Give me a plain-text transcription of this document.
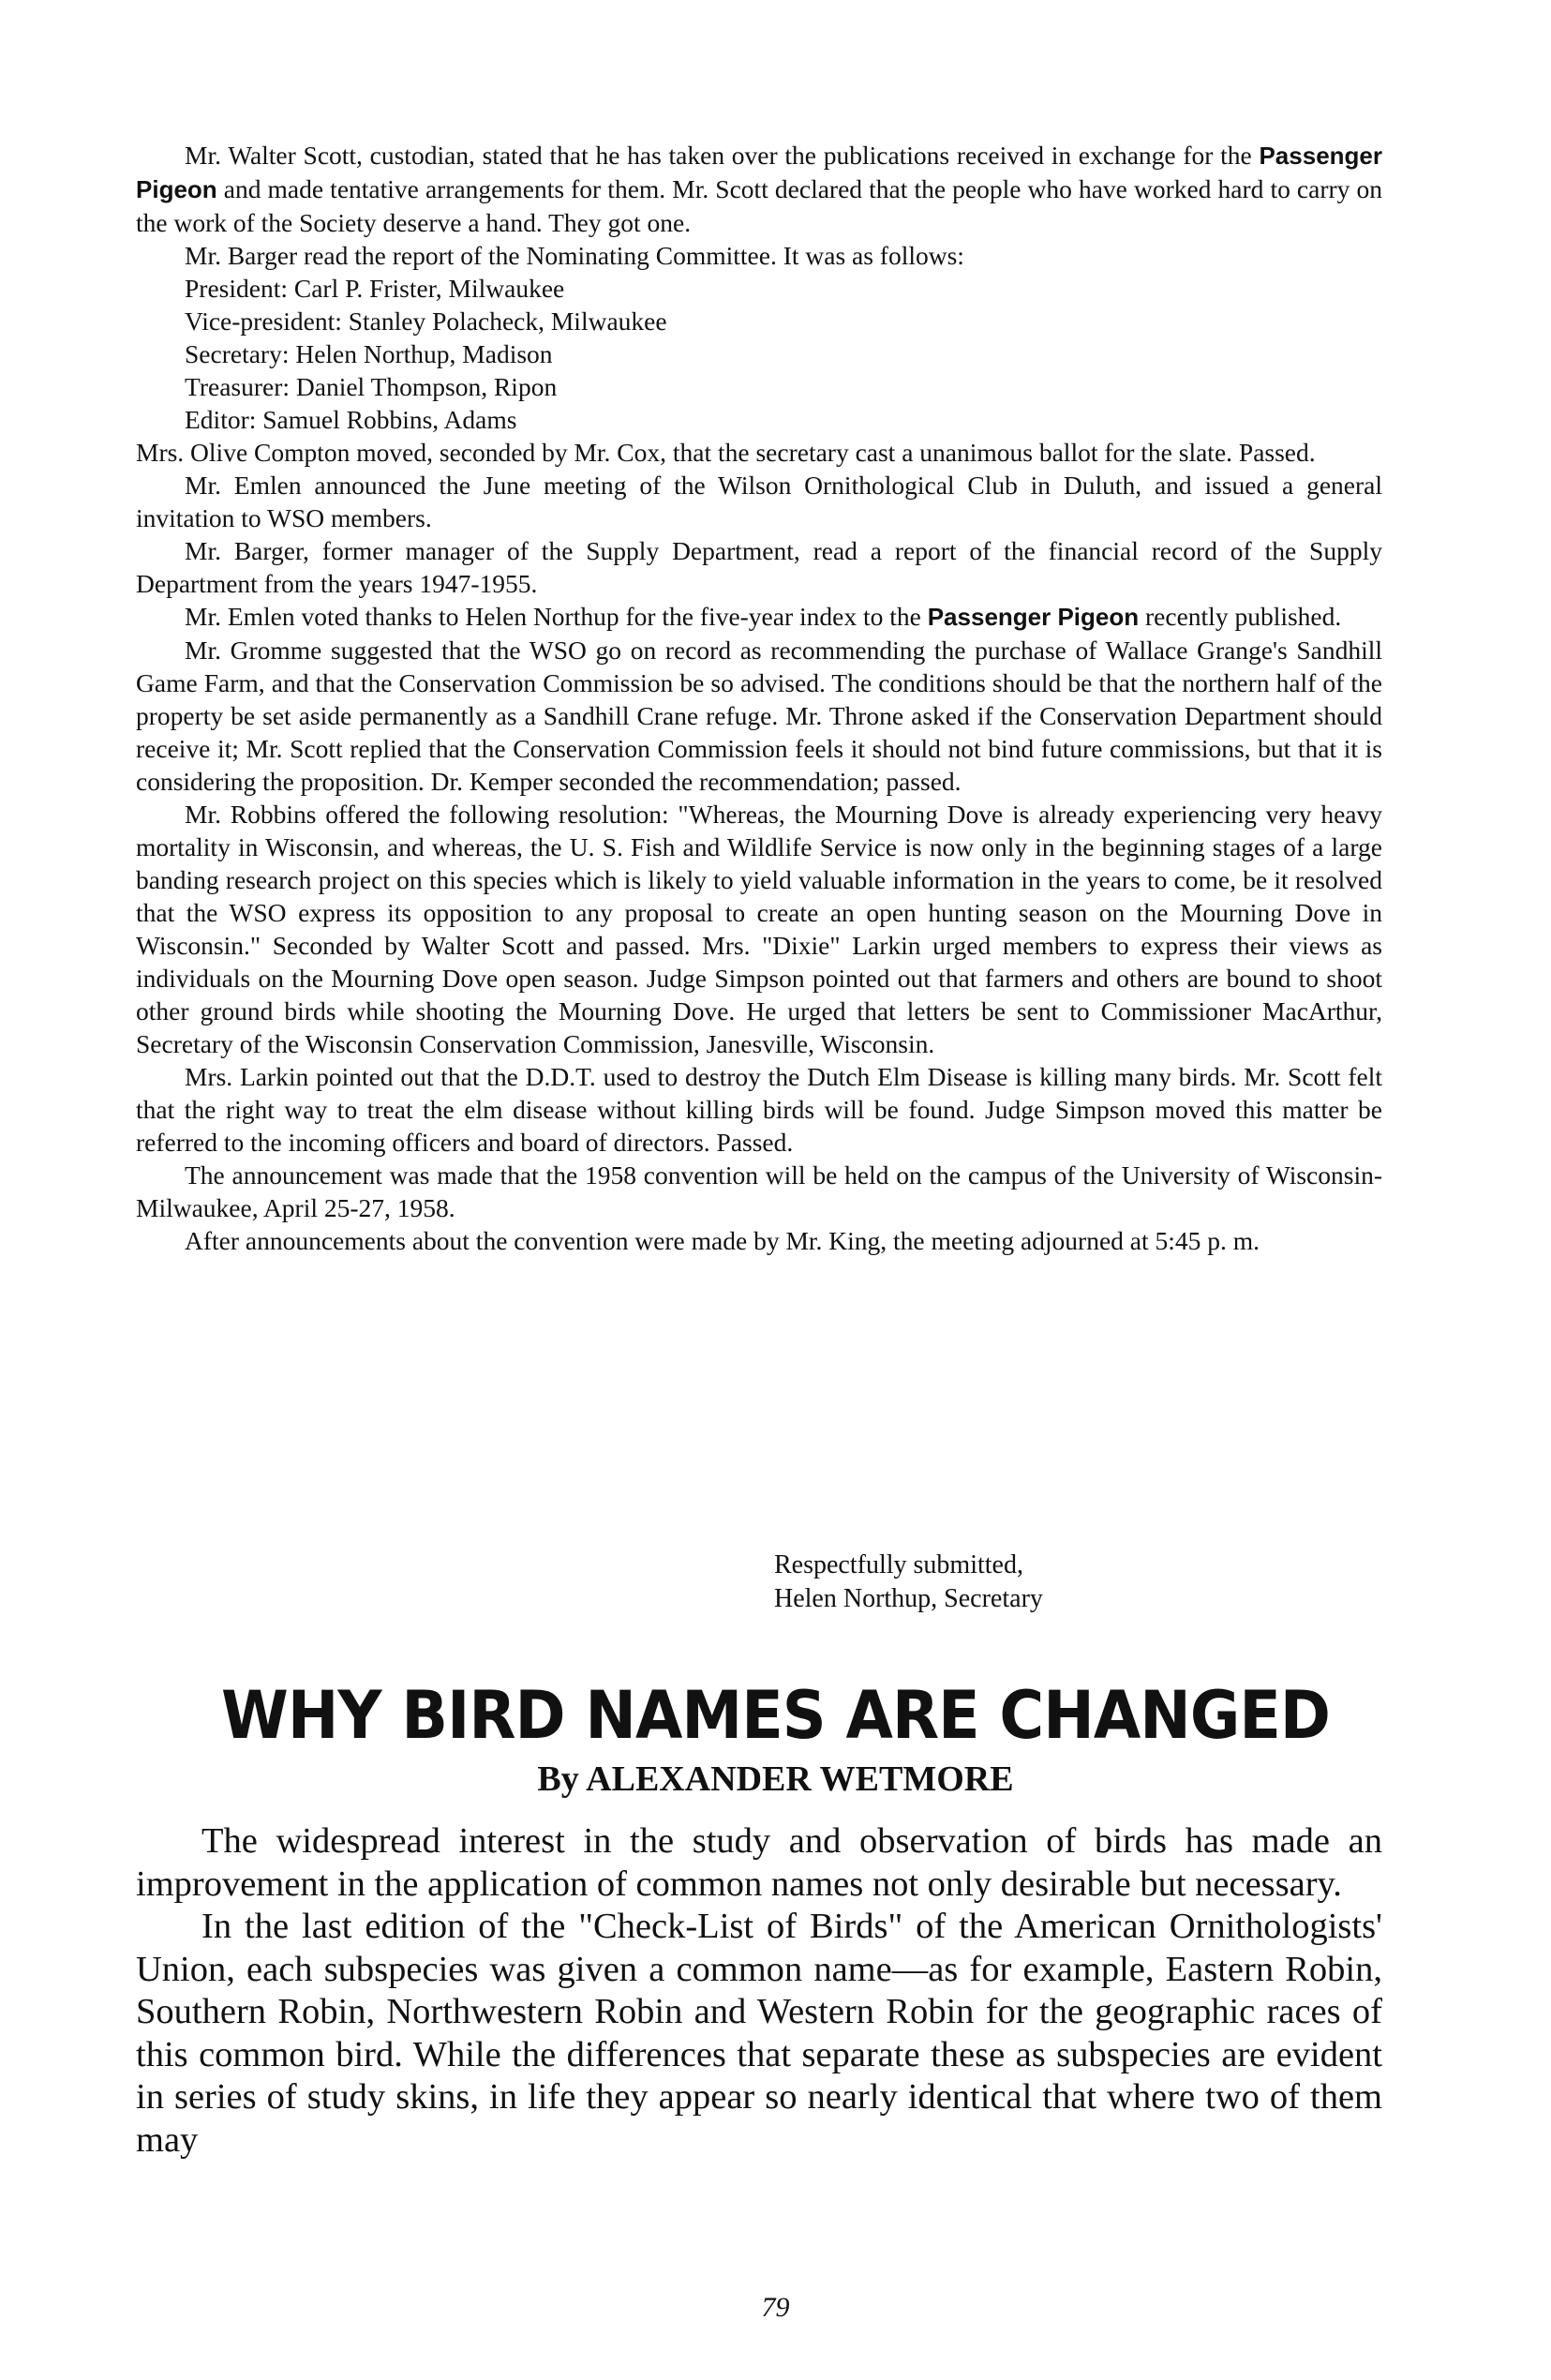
Mr. Walter Scott, custodian, stated that he has taken over the publications received in exchange for the Passenger Pigeon and made tentative arrangements for them. Mr. Scott declared that the people who have worked hard to carry on the work of the Society deserve a hand. They got one.

Mr. Barger read the report of the Nominating Committee. It was as follows:

President: Carl P. Frister, Milwaukee
Vice-president: Stanley Polacheck, Milwaukee
Secretary: Helen Northup, Madison
Treasurer: Daniel Thompson, Ripon
Editor: Samuel Robbins, Adams

Mrs. Olive Compton moved, seconded by Mr. Cox, that the secretary cast a unanimous ballot for the slate. Passed.

Mr. Emlen announced the June meeting of the Wilson Ornithological Club in Duluth, and issued a general invitation to WSO members.

Mr. Barger, former manager of the Supply Department, read a report of the financial record of the Supply Department from the years 1947-1955.

Mr. Emlen voted thanks to Helen Northup for the five-year index to the Passenger Pigeon recently published.

Mr. Gromme suggested that the WSO go on record as recommending the purchase of Wallace Grange's Sandhill Game Farm, and that the Conservation Commission be so advised. The conditions should be that the northern half of the property be set aside permanently as a Sandhill Crane refuge. Mr. Throne asked if the Conservation Department should receive it; Mr. Scott replied that the Conservation Commission feels it should not bind future commissions, but that it is considering the proposition. Dr. Kemper seconded the recommendation; passed.

Mr. Robbins offered the following resolution: "Whereas, the Mourning Dove is already experiencing very heavy mortality in Wisconsin, and whereas, the U. S. Fish and Wildlife Service is now only in the beginning stages of a large banding research project on this species which is likely to yield valuable information in the years to come, be it resolved that the WSO express its opposition to any proposal to create an open hunting season on the Mourning Dove in Wisconsin." Seconded by Walter Scott and passed. Mrs. "Dixie" Larkin urged members to express their views as individuals on the Mourning Dove open season. Judge Simpson pointed out that farmers and others are bound to shoot other ground birds while shooting the Mourning Dove. He urged that letters be sent to Commissioner MacArthur, Secretary of the Wisconsin Conservation Commission, Janesville, Wisconsin.

Mrs. Larkin pointed out that the D.D.T. used to destroy the Dutch Elm Disease is killing many birds. Mr. Scott felt that the right way to treat the elm disease without killing birds will be found. Judge Simpson moved this matter be referred to the incoming officers and board of directors. Passed.

The announcement was made that the 1958 convention will be held on the campus of the University of Wisconsin-Milwaukee, April 25-27, 1958.

After announcements about the convention were made by Mr. King, the meeting adjourned at 5:45 p. m.

Respectfully submitted,
Helen Northup, Secretary
WHY BIRD NAMES ARE CHANGED
By ALEXANDER WETMORE

The widespread interest in the study and observation of birds has made an improvement in the application of common names not only desirable but necessary.

In the last edition of the "Check-List of Birds" of the American Ornithologists' Union, each subspecies was given a common name—as for example, Eastern Robin, Southern Robin, Northwestern Robin and Western Robin for the geographic races of this common bird. While the differences that separate these as subspecies are evident in series of study skins, in life they appear so nearly identical that where two of them may

79
